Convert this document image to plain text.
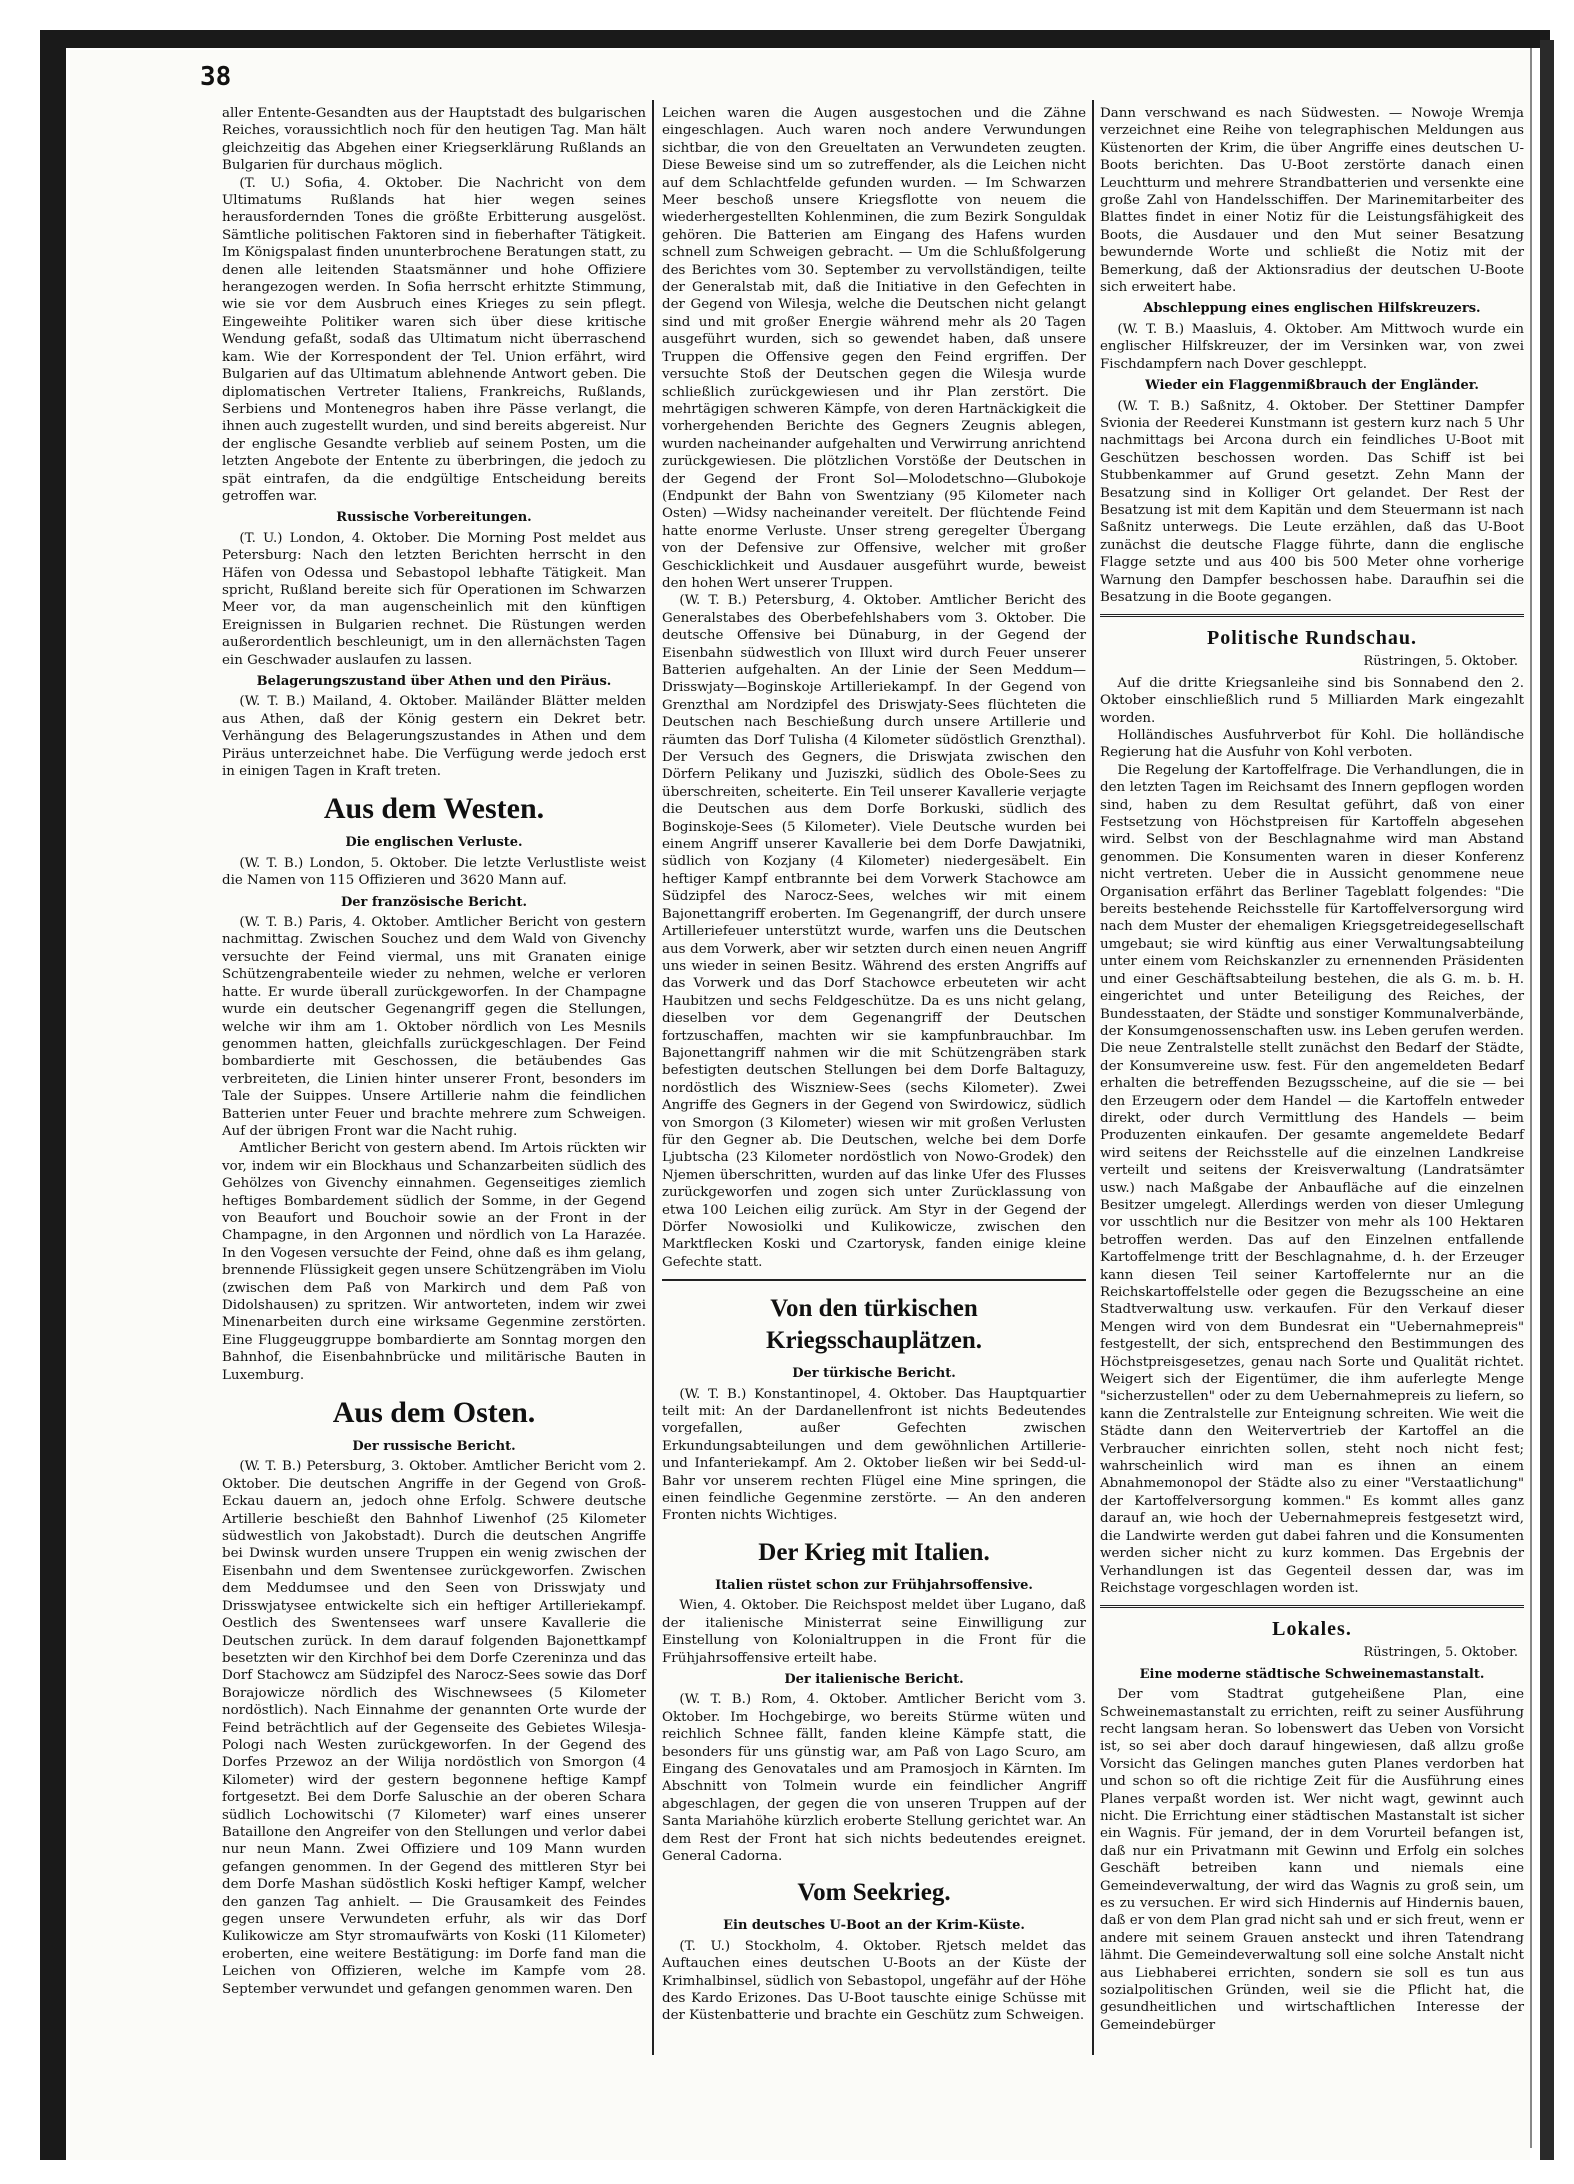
38

aller Entente-Gesandten aus der Hauptstadt des bulgarischen Reiches, voraussichtlich noch für den heutigen Tag. Man hält gleichzeitig das Abgehen einer Kriegserklärung Rußlands an Bulgarien für durchaus möglich.

(T. U.) Sofia, 4. Oktober. Die Nachricht von dem Ultimatums Rußlands hat hier wegen seines herausfordernden Tones die größte Erbitterung ausgelöst. Sämtliche politischen Faktoren sind in fieberhafter Tätigkeit. Im Königspalast finden ununterbrochene Beratungen statt, zu denen alle leitenden Staatsmänner und hohe Offiziere herangezogen werden. In Sofia herrscht erhitzte Stimmung, wie sie vor dem Ausbruch eines Krieges zu sein pflegt. Eingeweihte Politiker waren sich über diese kritische Wendung gefaßt, sodaß das Ultimatum nicht überraschend kam. Wie der Korrespondent der Tel. Union erfährt, wird Bulgarien auf das Ultimatum ablehnende Antwort geben. Die diplomatischen Vertreter Italiens, Frankreichs, Rußlands, Serbiens und Montenegros haben ihre Pässe verlangt, die ihnen auch zugestellt wurden, und sind bereits abgereist. Nur der englische Gesandte verblieb auf seinem Posten, um die letzten Angebote der Entente zu überbringen, die jedoch zu spät eintrafen, da die endgültige Entscheidung bereits getroffen war.

Russische Vorbereitungen.

(T. U.) London, 4. Oktober. Die Morning Post meldet aus Petersburg: Nach den letzten Berichten herrscht in den Häfen von Odessa und Sebastopol lebhafte Tätigkeit. Man spricht, Rußland bereite sich für Operationen im Schwarzen Meer vor, da man augenscheinlich mit den künftigen Ereignissen in Bulgarien rechnet. Die Rüstungen werden außerordentlich beschleunigt, um in den allernächsten Tagen ein Geschwader auslaufen zu lassen.

Belagerungszustand über Athen und den Piräus.

(W. T. B.) Mailand, 4. Oktober. Mailänder Blätter melden aus Athen, daß der König gestern ein Dekret betr. Verhängung des Belagerungszustandes in Athen und dem Piräus unterzeichnet habe. Die Verfügung werde jedoch erst in einigen Tagen in Kraft treten.

Aus dem Westen.
Die englischen Verluste.

(W. T. B.) London, 5. Oktober. Die letzte Verlustliste weist die Namen von 115 Offizieren und 3620 Mann auf.

Der französische Bericht.

(W. T. B.) Paris, 4. Oktober. Amtlicher Bericht von gestern nachmittag. Zwischen Souchez und dem Wald von Givenchy versuchte der Feind viermal, uns mit Granaten einige Schützengrabenteile wieder zu nehmen, welche er verloren hatte. Er wurde überall zurückgeworfen. In der Champagne wurde ein deutscher Gegenangriff gegen die Stellungen, welche wir ihm am 1. Oktober nördlich von Les Mesnils genommen hatten, gleichfalls zurückgeschlagen. Der Feind bombardierte mit Geschossen, die betäubendes Gas verbreiteten, die Linien hinter unserer Front, besonders im Tale der Suippes. Unsere Artillerie nahm die feindlichen Batterien unter Feuer und brachte mehrere zum Schweigen. Auf der übrigen Front war die Nacht ruhig.

Amtlicher Bericht von gestern abend. Im Artois rückten wir vor, indem wir ein Blockhaus und Schanzarbeiten südlich des Gehölzes von Givenchy einnahmen. Gegenseitiges ziemlich heftiges Bombardement südlich der Somme, in der Gegend von Beaufort und Bouchoir sowie an der Front in der Champagne, in den Argonnen und nördlich von La Harazée. In den Vogesen versuchte der Feind, ohne daß es ihm gelang, brennende Flüssigkeit gegen unsere Schützengräben im Violu (zwischen dem Paß von Markirch und dem Paß von Didolshausen) zu spritzen. Wir antworteten, indem wir zwei Minenarbeiten durch eine wirksame Gegenmine zerstörten. Eine Fluggeuggruppe bombardierte am Sonntag morgen den Bahnhof, die Eisenbahnbrücke und militärische Bauten in Luxemburg.

Aus dem Osten.
Der russische Bericht.

(W. T. B.) Petersburg, 3. Oktober. Amtlicher Bericht vom 2. Oktober. Die deutschen Angriffe in der Gegend von Groß-Eckau dauern an, jedoch ohne Erfolg. Schwere deutsche Artillerie beschießt den Bahnhof Liwenhof (25 Kilometer südwestlich von Jakobstadt). Durch die deutschen Angriffe bei Dwinsk wurden unsere Truppen ein wenig zwischen der Eisenbahn und dem Swentensee zurückgeworfen. Zwischen dem Meddumsee und den Seen von Drisswjaty und Drisswjatysee entwickelte sich ein heftiger Artilleriekampf. Oestlich des Swentensees warf unsere Kavallerie die Deutschen zurück. In dem darauf folgenden Bajonettkampf besetzten wir den Kirchhof bei dem Dorfe Czereninza und das Dorf Stachowcz am Südzipfel des Narocz-Sees sowie das Dorf Borajowicze nördlich des Wischnewsees (5 Kilometer nordöstlich). Nach Einnahme der genannten Orte wurde der Feind beträchtlich auf der Gegenseite des Gebietes Wilesja-Pologi nach Westen zurückgeworfen. In der Gegend des Dorfes Przewoz an der Wilija nordöstlich von Smorgon (4 Kilometer) wird der gestern begonnene heftige Kampf fortgesetzt. Bei dem Dorfe Saluschie an der oberen Schara südlich Lochowitschi (7 Kilometer) warf eines unserer Bataillone den Angreifer von den Stellungen und verlor dabei nur neun Mann. Zwei Offiziere und 109 Mann wurden gefangen genommen. In der Gegend des mittleren Styr bei dem Dorfe Mashan südöstlich Koski heftiger Kampf, welcher den ganzen Tag anhielt. — Die Grausamkeit des Feindes gegen unsere Verwundeten erfuhr, als wir das Dorf Kulikowicze am Styr stromaufwärts von Koski (11 Kilometer) eroberten, eine weitere Bestätigung: im Dorfe fand man die Leichen von Offizieren, welche im Kampfe vom 28. September verwundet und gefangen genommen waren. Den

Leichen waren die Augen ausgestochen und die Zähne eingeschlagen. Auch waren noch andere Verwundungen sichtbar, die von den Greueltaten an Verwundeten zeugten. Diese Beweise sind um so zutreffender, als die Leichen nicht auf dem Schlachtfelde gefunden wurden. — Im Schwarzen Meer beschoß unsere Kriegsflotte von neuem die wiederhergestellten Kohlenminen, die zum Bezirk Songuldak gehören. Die Batterien am Eingang des Hafens wurden schnell zum Schweigen gebracht. — Um die Schlußfolgerung des Berichtes vom 30. September zu vervollständigen, teilte der Generalstab mit, daß die Initiative in den Gefechten in der Gegend von Wilesja, welche die Deutschen nicht gelangt sind und mit großer Energie während mehr als 20 Tagen ausgeführt wurden, sich so gewendet haben, daß unsere Truppen die Offensive gegen den Feind ergriffen. Der versuchte Stoß der Deutschen gegen die Wilesja wurde schließlich zurückgewiesen und ihr Plan zerstört. Die mehrtägigen schweren Kämpfe, von deren Hartnäckigkeit die vorhergehenden Berichte des Gegners Zeugnis ablegen, wurden nacheinander aufgehalten und Verwirrung anrichtend zurückgewiesen. Die plötzlichen Vorstöße der Deutschen in der Gegend der Front Sol—Molodetschno—Glubokoje (Endpunkt der Bahn von Swentziany (95 Kilometer nach Osten) —Widsy nacheinander vereitelt. Der flüchtende Feind hatte enorme Verluste. Unser streng geregelter Übergang von der Defensive zur Offensive, welcher mit großer Geschicklichkeit und Ausdauer ausgeführt wurde, beweist den hohen Wert unserer Truppen.

(W. T. B.) Petersburg, 4. Oktober. Amtlicher Bericht des Generalstabes des Oberbefehlshabers vom 3. Oktober. Die deutsche Offensive bei Dünaburg, in der Gegend der Eisenbahn südwestlich von Illuxt wird durch Feuer unserer Batterien aufgehalten. An der Linie der Seen Meddum—Drisswjaty—Boginskoje Artilleriekampf. In der Gegend von Grenzthal am Nordzipfel des Driswjaty-Sees flüchteten die Deutschen nach Beschießung durch unsere Artillerie und räumten das Dorf Tulisha (4 Kilometer südöstlich Grenzthal). Der Versuch des Gegners, die Driswjata zwischen den Dörfern Pelikany und Juziszki, südlich des Obole-Sees zu überschreiten, scheiterte. Ein Teil unserer Kavallerie verjagte die Deutschen aus dem Dorfe Borkuski, südlich des Boginskoje-Sees (5 Kilometer). Viele Deutsche wurden bei einem Angriff unserer Kavallerie bei dem Dorfe Dawjatniki, südlich von Kozjany (4 Kilometer) niedergesäbelt. Ein heftiger Kampf entbrannte bei dem Vorwerk Stachowce am Südzipfel des Narocz-Sees, welches wir mit einem Bajonettangriff eroberten. Im Gegenangriff, der durch unsere Artilleriefeuer unterstützt wurde, warfen uns die Deutschen aus dem Vorwerk, aber wir setzten durch einen neuen Angriff uns wieder in seinen Besitz. Während des ersten Angriffs auf das Vorwerk und das Dorf Stachowce erbeuteten wir acht Haubitzen und sechs Feldgeschütze. Da es uns nicht gelang, dieselben vor dem Gegenangriff der Deutschen fortzuschaffen, machten wir sie kampfunbrauchbar. Im Bajonettangriff nahmen wir die mit Schützengräben stark befestigten deutschen Stellungen bei dem Dorfe Baltaguzy, nordöstlich des Wiszniew-Sees (sechs Kilometer). Zwei Angriffe des Gegners in der Gegend von Swirdowicz, südlich von Smorgon (3 Kilometer) wiesen wir mit großen Verlusten für den Gegner ab. Die Deutschen, welche bei dem Dorfe Ljubtscha (23 Kilometer nordöstlich von Nowo-Grodek) den Njemen überschritten, wurden auf das linke Ufer des Flusses zurückgeworfen und zogen sich unter Zurücklassung von etwa 100 Leichen eilig zurück. Am Styr in der Gegend der Dörfer Nowosiolki und Kulikowicze, zwischen den Marktflecken Koski und Czartorysk, fanden einige kleine Gefechte statt.

Von den türkischen Kriegsschauplätzen.
Der türkische Bericht.

(W. T. B.) Konstantinopel, 4. Oktober. Das Hauptquartier teilt mit: An der Dardanellenfront ist nichts Bedeutendes vorgefallen, außer Gefechten zwischen Erkundungsabteilungen und dem gewöhnlichen Artillerie- und Infanteriekampf. Am 2. Oktober ließen wir bei Sedd-ul-Bahr vor unserem rechten Flügel eine Mine springen, die einen feindliche Gegenmine zerstörte. — An den anderen Fronten nichts Wichtiges.

Der Krieg mit Italien.
Italien rüstet schon zur Frühjahrsoffensive.

Wien, 4. Oktober. Die Reichspost meldet über Lugano, daß der italienische Ministerrat seine Einwilligung zur Einstellung von Kolonialtruppen in die Front für die Frühjahrsoffensive erteilt habe.

Der italienische Bericht.

(W. T. B.) Rom, 4. Oktober. Amtlicher Bericht vom 3. Oktober. Im Hochgebirge, wo bereits Stürme wüten und reichlich Schnee fällt, fanden kleine Kämpfe statt, die besonders für uns günstig war, am Paß von Lago Scuro, am Eingang des Genovatales und am Pramosjoch in Kärnten. Im Abschnitt von Tolmein wurde ein feindlicher Angriff abgeschlagen, der gegen die von unseren Truppen auf der Santa Mariahöhe kürzlich eroberte Stellung gerichtet war. An dem Rest der Front hat sich nichts bedeutendes ereignet. General Cadorna.

Vom Seekrieg.
Ein deutsches U-Boot an der Krim-Küste.

(T. U.) Stockholm, 4. Oktober. Rjetsch meldet das Auftauchen eines deutschen U-Boots an der Küste der Krimhalbinsel, südlich von Sebastopol, ungefähr auf der Höhe des Kardo Erizones. Das U-Boot tauschte einige Schüsse mit der Küstenbatterie und brachte ein Geschütz zum Schweigen.

Dann verschwand es nach Südwesten. — Nowoje Wremja verzeichnet eine Reihe von telegraphischen Meldungen aus Küstenorten der Krim, die über Angriffe eines deutschen U-Boots berichten. Das U-Boot zerstörte danach einen Leuchtturm und mehrere Strandbatterien und versenkte eine große Zahl von Handelsschiffen. Der Marinemitarbeiter des Blattes findet in einer Notiz für die Leistungsfähigkeit des Boots, die Ausdauer und den Mut seiner Besatzung bewundernde Worte und schließt die Notiz mit der Bemerkung, daß der Aktionsradius der deutschen U-Boote sich erweitert habe.

Abschleppung eines englischen Hilfskreuzers.

(W. T. B.) Maasluis, 4. Oktober. Am Mittwoch wurde ein englischer Hilfskreuzer, der im Versinken war, von zwei Fischdampfern nach Dover geschleppt.

Wieder ein Flaggenmißbrauch der Engländer.

(W. T. B.) Saßnitz, 4. Oktober. Der Stettiner Dampfer Svionia der Reederei Kunstmann ist gestern kurz nach 5 Uhr nachmittags bei Arcona durch ein feindliches U-Boot mit Geschützen beschossen worden. Das Schiff ist bei Stubbenkammer auf Grund gesetzt. Zehn Mann der Besatzung sind in Kolliger Ort gelandet. Der Rest der Besatzung ist mit dem Kapitän und dem Steuermann ist nach Saßnitz unterwegs. Die Leute erzählen, daß das U-Boot zunächst die deutsche Flagge führte, dann die englische Flagge setzte und aus 400 bis 500 Meter ohne vorherige Warnung den Dampfer beschossen habe. Daraufhin sei die Besatzung in die Boote gegangen.

Politische Rundschau.
Rüstringen, 5. Oktober.

Auf die dritte Kriegsanleihe sind bis Sonnabend den 2. Oktober einschließlich rund 5 Milliarden Mark eingezahlt worden.

Holländisches Ausfuhrverbot für Kohl. Die holländische Regierung hat die Ausfuhr von Kohl verboten.

Die Regelung der Kartoffelfrage. Die Verhandlungen, die in den letzten Tagen im Reichsamt des Innern gepflogen worden sind, haben zu dem Resultat geführt, daß von einer Festsetzung von Höchstpreisen für Kartoffeln abgesehen wird. Selbst von der Beschlagnahme wird man Abstand genommen. Die Konsumenten waren in dieser Konferenz nicht vertreten. Ueber die in Aussicht genommene neue Organisation erfährt das Berliner Tageblatt folgendes: "Die bereits bestehende Reichsstelle für Kartoffelversorgung wird nach dem Muster der ehemaligen Kriegsgetreidegesellschaft umgebaut; sie wird künftig aus einer Verwaltungsabteilung unter einem vom Reichskanzler zu ernennenden Präsidenten und einer Geschäftsabteilung bestehen, die als G. m. b. H. eingerichtet und unter Beteiligung des Reiches, der Bundesstaaten, der Städte und sonstiger Kommunalverbände, der Konsumgenossenschaften usw. ins Leben gerufen werden. Die neue Zentralstelle stellt zunächst den Bedarf der Städte, der Konsumvereine usw. fest. Für den angemeldeten Bedarf erhalten die betreffenden Bezugsscheine, auf die sie — bei den Erzeugern oder dem Handel — die Kartoffeln entweder direkt, oder durch Vermittlung des Handels — beim Produzenten einkaufen. Der gesamte angemeldete Bedarf wird seitens der Reichsstelle auf die einzelnen Landkreise verteilt und seitens der Kreisverwaltung (Landratsämter usw.) nach Maßgabe der Anbaufläche auf die einzelnen Besitzer umgelegt. Allerdings werden von dieser Umlegung vor usschtlich nur die Besitzer von mehr als 100 Hektaren betroffen werden. Das auf den Einzelnen entfallende Kartoffelmenge tritt der Beschlagnahme, d. h. der Erzeuger kann diesen Teil seiner Kartoffelernte nur an die Reichskartoffelstelle oder gegen die Bezugsscheine an eine Stadtverwaltung usw. verkaufen. Für den Verkauf dieser Mengen wird von dem Bundesrat ein "Uebernahmepreis" festgestellt, der sich, entsprechend den Bestimmungen des Höchstpreisgesetzes, genau nach Sorte und Qualität richtet. Weigert sich der Eigentümer, die ihm auferlegte Menge "sicherzustellen" oder zu dem Uebernahmepreis zu liefern, so kann die Zentralstelle zur Enteignung schreiten. Wie weit die Städte dann den Weitervertrieb der Kartoffel an die Verbraucher einrichten sollen, steht noch nicht fest; wahrscheinlich wird man es ihnen an einem Abnahmemonopol der Städte also zu einer "Verstaatlichung" der Kartoffelversorgung kommen." Es kommt alles ganz darauf an, wie hoch der Uebernahmepreis festgesetzt wird, die Landwirte werden gut dabei fahren und die Konsumenten werden sicher nicht zu kurz kommen. Das Ergebnis der Verhandlungen ist das Gegenteil dessen dar, was im Reichstage vorgeschlagen worden ist.

Lokales.
Rüstringen, 5. Oktober.
Eine moderne städtische Schweinemastanstalt.

Der vom Stadtrat gutgeheißene Plan, eine Schweinemastanstalt zu errichten, reift zu seiner Ausführung recht langsam heran. So lobenswert das Ueben von Vorsicht ist, so sei aber doch darauf hingewiesen, daß allzu große Vorsicht das Gelingen manches guten Planes verdorben hat und schon so oft die richtige Zeit für die Ausführung eines Planes verpaßt worden ist. Wer nicht wagt, gewinnt auch nicht. Die Errichtung einer städtischen Mastanstalt ist sicher ein Wagnis. Für jemand, der in dem Vorurteil befangen ist, daß nur ein Privatmann mit Gewinn und Erfolg ein solches Geschäft betreiben kann und niemals eine Gemeindeverwaltung, der wird das Wagnis zu groß sein, um es zu versuchen. Er wird sich Hindernis auf Hindernis bauen, daß er von dem Plan grad nicht sah und er sich freut, wenn er andere mit seinem Grauen ansteckt und ihren Tatendrang lähmt. Die Gemeindeverwaltung soll eine solche Anstalt nicht aus Liebhaberei errichten, sondern sie soll es tun aus sozialpolitischen Gründen, weil sie die Pflicht hat, die gesundheitlichen und wirtschaftlichen Interesse der Gemeindebürger
